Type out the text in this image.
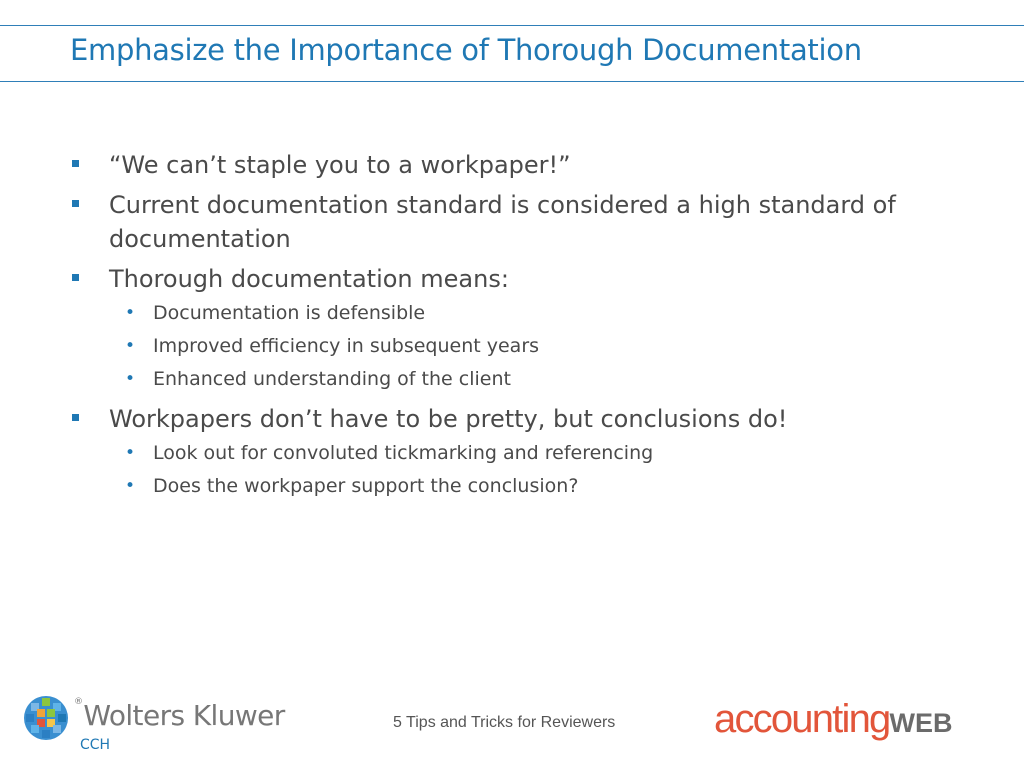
Emphasize the Importance of Thorough Documentation
“We can’t staple you to a workpaper!”
Current documentation standard is considered a high standard of documentation
Thorough documentation means:
• Documentation is defensible
• Improved efficiency in subsequent years
• Enhanced understanding of the client
Workpapers don’t have to be pretty, but conclusions do!
• Look out for convoluted tickmarking and referencing
• Does the workpaper support the conclusion?
®Wolters Kluwer
CCH
5 Tips and Tricks for Reviewers accountingWEB
